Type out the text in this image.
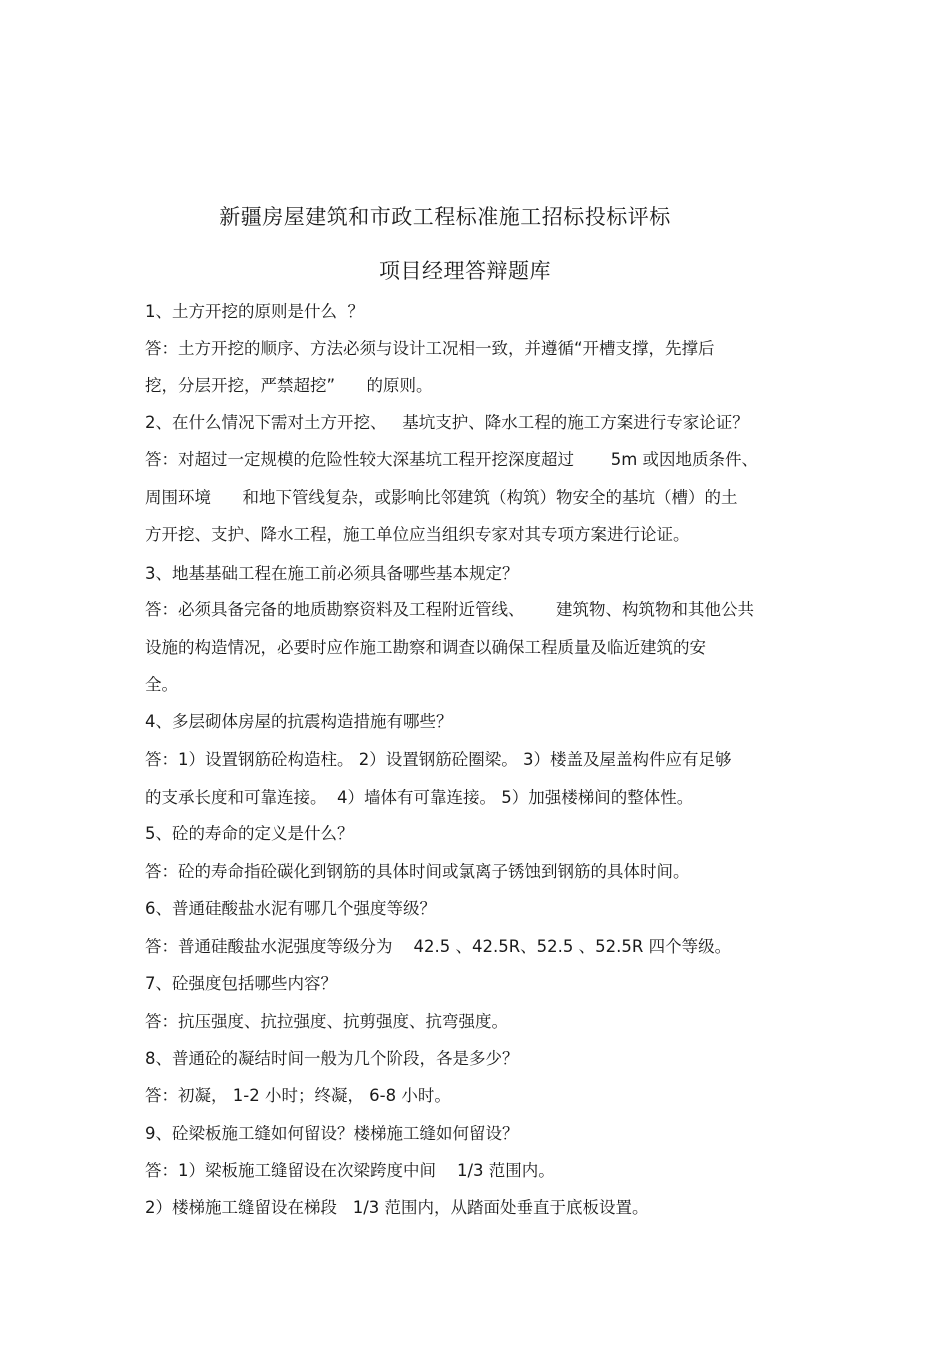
新疆房屋建筑和市政工程标准施工招标投标评标
项目经理答辩题库
1、土方开挖的原则是什么  ？
答：土方开挖的顺序、方法必须与设计工况相一致，并遵循“开槽支撑，先撑后
挖，分层开挖，严禁超挖”      的原则。
2、在什么情况下需对土方开挖、   基坑支护、降水工程的施工方案进行专家论证？
答：对超过一定规模的危险性较大深基坑工程开挖深度超过       5m 或因地质条件、
周围环境      和地下管线复杂，或影响比邻建筑（构筑）物安全的基坑（槽）的土
方开挖、支护、降水工程，施工单位应当组织专家对其专项方案进行论证。
3、地基基础工程在施工前必须具备哪些基本规定？
答：必须具备完备的地质勘察资料及工程附近管线、      建筑物、构筑物和其他公共
设施的构造情况，必要时应作施工勘察和调查以确保工程质量及临近建筑的安
全。
4、多层砌体房屋的抗震构造措施有哪些？
答：1）设置钢筋砼构造柱。 2）设置钢筋砼圈梁。 3）楼盖及屋盖构件应有足够
的支承长度和可靠连接。  4）墙体有可靠连接。 5）加强楼梯间的整体性。
5、砼的寿命的定义是什么？
答：砼的寿命指砼碳化到钢筋的具体时间或氯离子锈蚀到钢筋的具体时间。
6、普通硅酸盐水泥有哪几个强度等级？
答：普通硅酸盐水泥强度等级分为    42.5 、42.5R、52.5 、52.5R 四个等级。
7、砼强度包括哪些内容？
答：抗压强度、抗拉强度、抗剪强度、抗弯强度。
8、普通砼的凝结时间一般为几个阶段，各是多少？
答：初凝， 1-2 小时；终凝， 6-8 小时。
9、砼梁板施工缝如何留设？楼梯施工缝如何留设？
答：1）梁板施工缝留设在次梁跨度中间    1/3 范围内。
2）楼梯施工缝留设在梯段   1/3 范围内，从踏面处垂直于底板设置。
